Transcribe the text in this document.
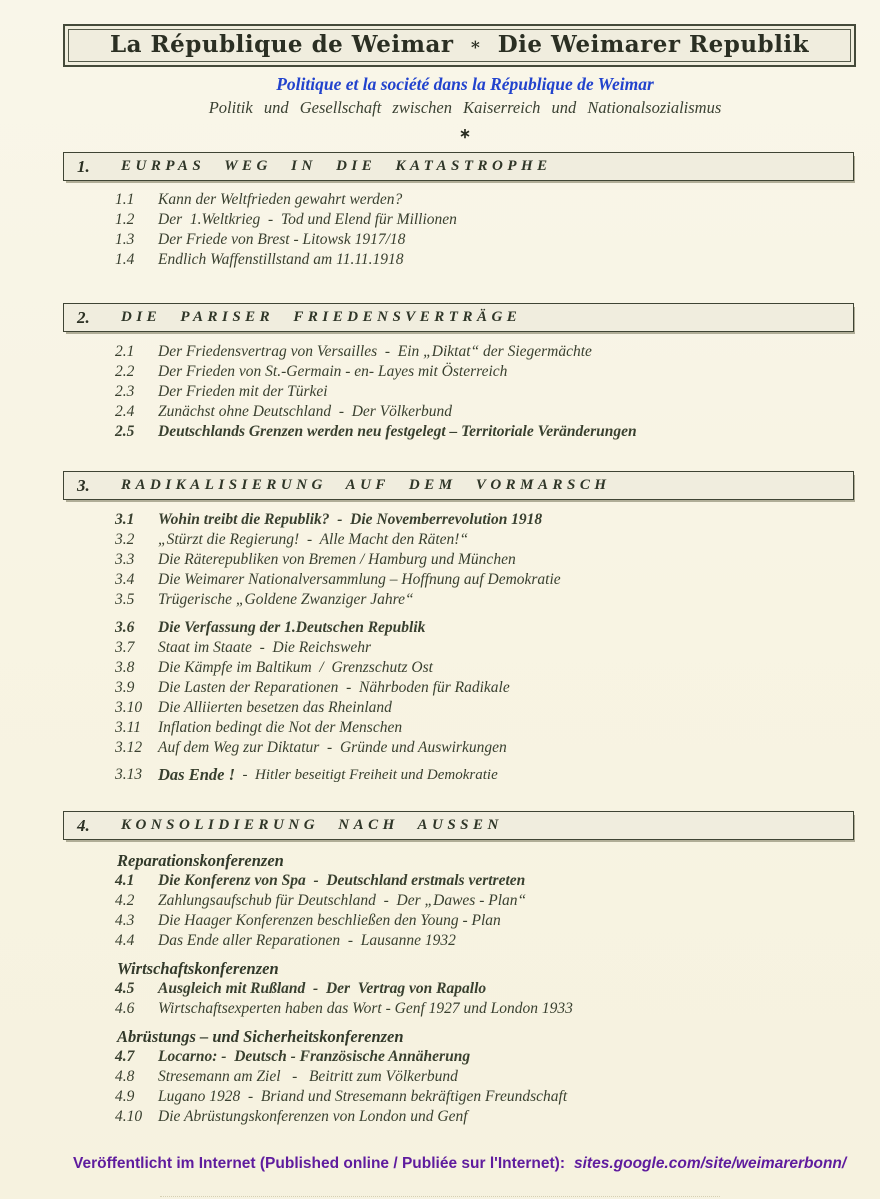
La République de Weimar ∗ Die Weimarer Republik
Politique et la société dans la République de Weimar
Politik und Gesellschaft zwischen Kaiserreich und Nationalsozialismus
∗
1.	EURPAS WEG IN DIE KATASTROPHE
1.1	Kann der Weltfrieden gewahrt werden?
1.2	Der  1.Weltkrieg  -  Tod und Elend für Millionen
1.3	Der Friede von Brest - Litowsk 1917/18
1.4	Endlich Waffenstillstand am 11.11.1918
2.	DIE PARISER FRIEDENSVERTRÄGE
2.1	Der Friedensvertrag von Versailles  -  Ein „Diktat“ der Siegermächte
2.2	Der Frieden von St.-Germain - en- Layes mit Österreich
2.3	Der Frieden mit der Türkei
2.4	Zunächst ohne Deutschland  -  Der Völkerbund
2.5	Deutschlands Grenzen werden neu festgelegt – Territoriale Veränderungen
3.	RADIKALISIERUNG AUF DEM VORMARSCH
3.1	Wohin treibt die Republik?  -  Die Novemberrevolution 1918
3.2	„Stürzt die Regierung!  -  Alle Macht den Räten!“
3.3	Die Räterepubliken von Bremen / Hamburg und München
3.4	Die Weimarer Nationalversammlung – Hoffnung auf Demokratie
3.5	Trügerische „Goldene Zwanziger Jahre“
3.6	Die Verfassung der 1.Deutschen Republik
3.7	Staat im Staate  -  Die Reichswehr
3.8	Die Kämpfe im Baltikum  /  Grenzschutz Ost
3.9	Die Lasten der Reparationen  -  Nährboden für Radikale
3.10	Die Alliierten besetzen das Rheinland
3.11	Inflation bedingt die Not der Menschen
3.12	Auf dem Weg zur Diktatur  -  Gründe und Auswirkungen
3.13 Das Ende ! -  Hitler beseitigt Freiheit und Demokratie
4.	KONSOLIDIERUNG NACH AUSSEN
Reparationskonferenzen
4.1	Die Konferenz von Spa  -  Deutschland erstmals vertreten
4.2	Zahlungsaufschub für Deutschland  -  Der „Dawes - Plan“
4.3	Die Haager Konferenzen beschließen den Young - Plan
4.4	Das Ende aller Reparationen  -  Lausanne 1932
Wirtschaftskonferenzen
4.5	Ausgleich mit Rußland  -  Der  Vertrag von Rapallo
4.6	Wirtschaftsexperten haben das Wort - Genf 1927 und London 1933
Abrüstungs – und Sicherheitskonferenzen
4.7	Locarno: -  Deutsch - Französische Annäherung
4.8	Stresemann am Ziel   -   Beitritt zum Völkerbund
4.9	Lugano 1928  -  Briand und Stresemann bekräftigen Freundschaft
4.10	Die Abrüstungskonferenzen von London und Genf
Veröffentlicht im Internet (Published online / Publiée sur l'Internet): sites.google.com/site/weimarerbonn/
